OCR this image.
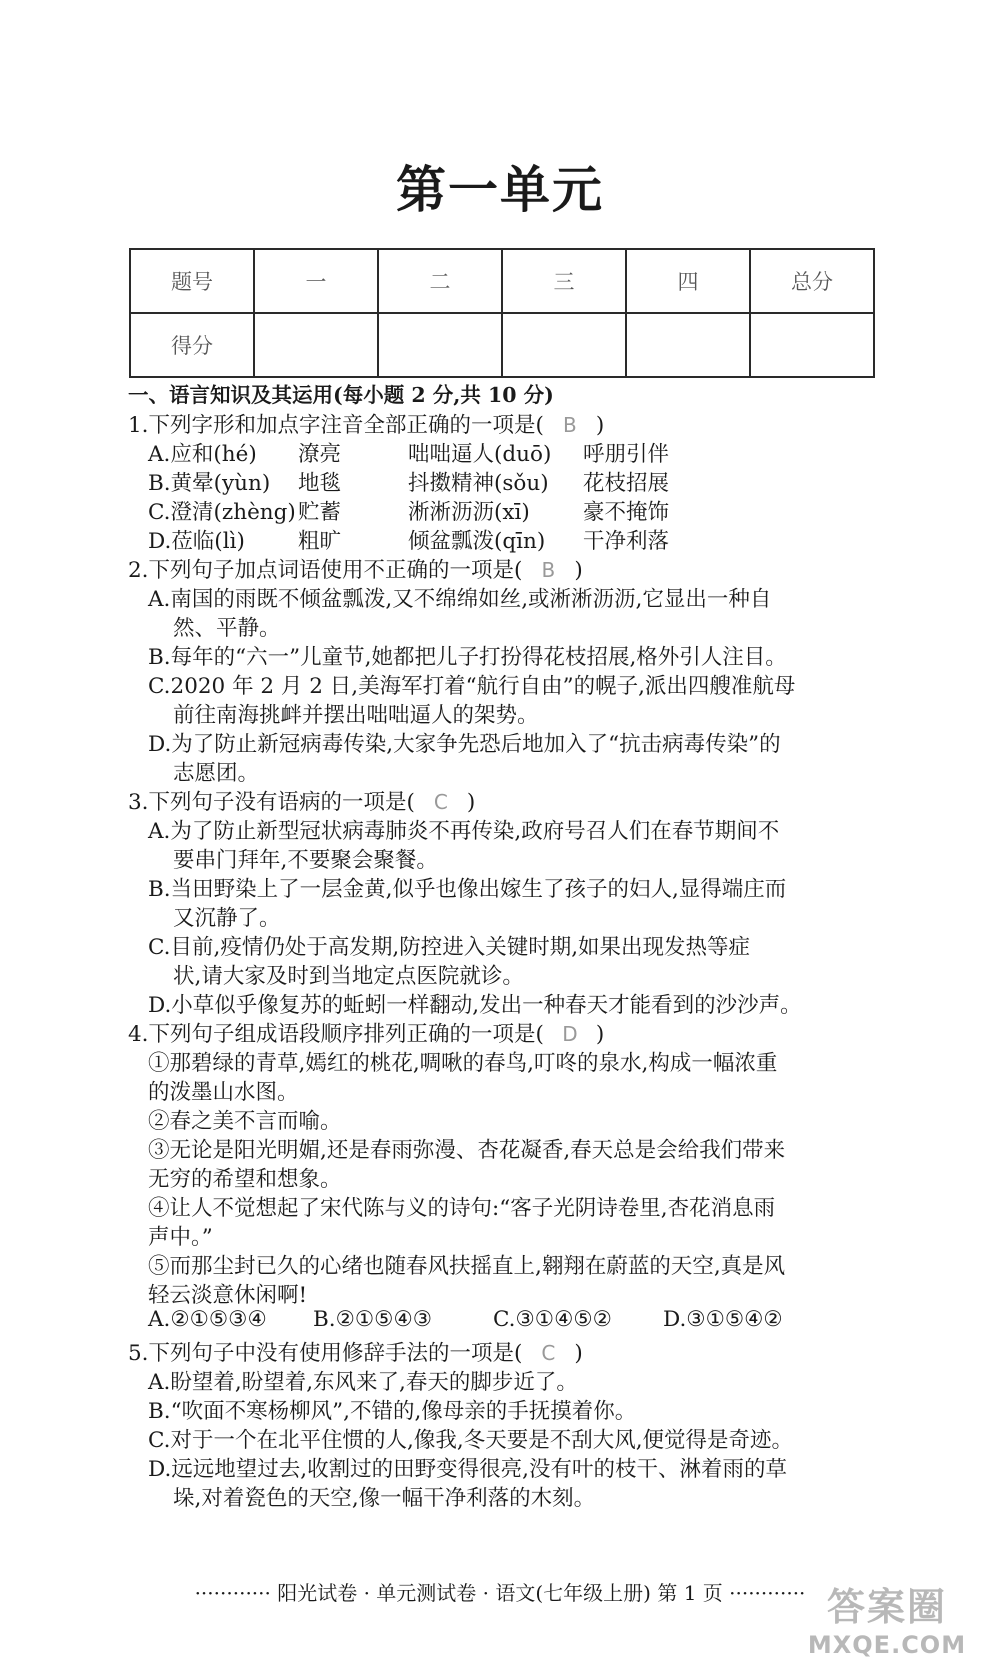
第一单元
题号	一	二	三	四	总分
得分					
一、语言知识及其运用(每小题 2 分,共 10 分)
1.下列字形和加点字注音全部正确的一项是( B )
A.应和(hé) 潦亮	咄咄逼人(duō) 呼朋引伴
B.黄晕(yùn) 地毯	抖擞精神(sǒu) 花枝招展
C.澄清(zhèng) 贮蓄	淅淅沥沥(xī) 豪不掩饰
D.莅临(lì) 粗旷	倾盆瓢泼(qīn) 干净利落
2.下列句子加点词语使用不正确的一项是( B )
A.南国的雨既不倾盆瓢泼,又不绵绵如丝,或淅淅沥沥,它显出一种自
然、平静。
B.每年的“六一”儿童节,她都把儿子打扮得花枝招展,格外引人注目。
C.2020 年 2 月 2 日,美海军打着“航行自由”的幌子,派出四艘准航母
前往南海挑衅并摆出咄咄逼人的架势。
D.为了防止新冠病毒传染,大家争先恐后地加入了“抗击病毒传染”的
志愿团。
3.下列句子没有语病的一项是( C )
A.为了防止新型冠状病毒肺炎不再传染,政府号召人们在春节期间不
要串门拜年,不要聚会聚餐。
B.当田野染上了一层金黄,似乎也像出嫁生了孩子的妇人,显得端庄而
又沉静了。
C.目前,疫情仍处于高发期,防控进入关键时期,如果出现发热等症
状,请大家及时到当地定点医院就诊。
D.小草似乎像复苏的蚯蚓一样翻动,发出一种春天才能看到的沙沙声。
4.下列句子组成语段顺序排列正确的一项是( D )
①那碧绿的青草,嫣红的桃花,啁啾的春鸟,叮咚的泉水,构成一幅浓重
的泼墨山水图。
②春之美不言而喻。
③无论是阳光明媚,还是春雨弥漫、杏花凝香,春天总是会给我们带来
无穷的希望和想象。
④让人不觉想起了宋代陈与义的诗句:“客子光阴诗卷里,杏花消息雨
声中。”
⑤而那尘封已久的心绪也随春风扶摇直上,翱翔在蔚蓝的天空,真是风
轻云淡意休闲啊!
A.②①⑤③④ B.②①⑤④③	C.③①④⑤② D.③①⑤④②
5.下列句子中没有使用修辞手法的一项是( C )
A.盼望着,盼望着,东风来了,春天的脚步近了。
B.“吹面不寒杨柳风”,不错的,像母亲的手抚摸着你。
C.对于一个在北平住惯的人,像我,冬天要是不刮大风,便觉得是奇迹。
D.远远地望过去,收割过的田野变得很亮,没有叶的枝干、淋着雨的草
垛,对着瓷色的天空,像一幅干净利落的木刻。
············ 阳光试卷 · 单元测试卷 · 语文(七年级上册) 第 1 页 ············ 答案圈
MXQE.COM
